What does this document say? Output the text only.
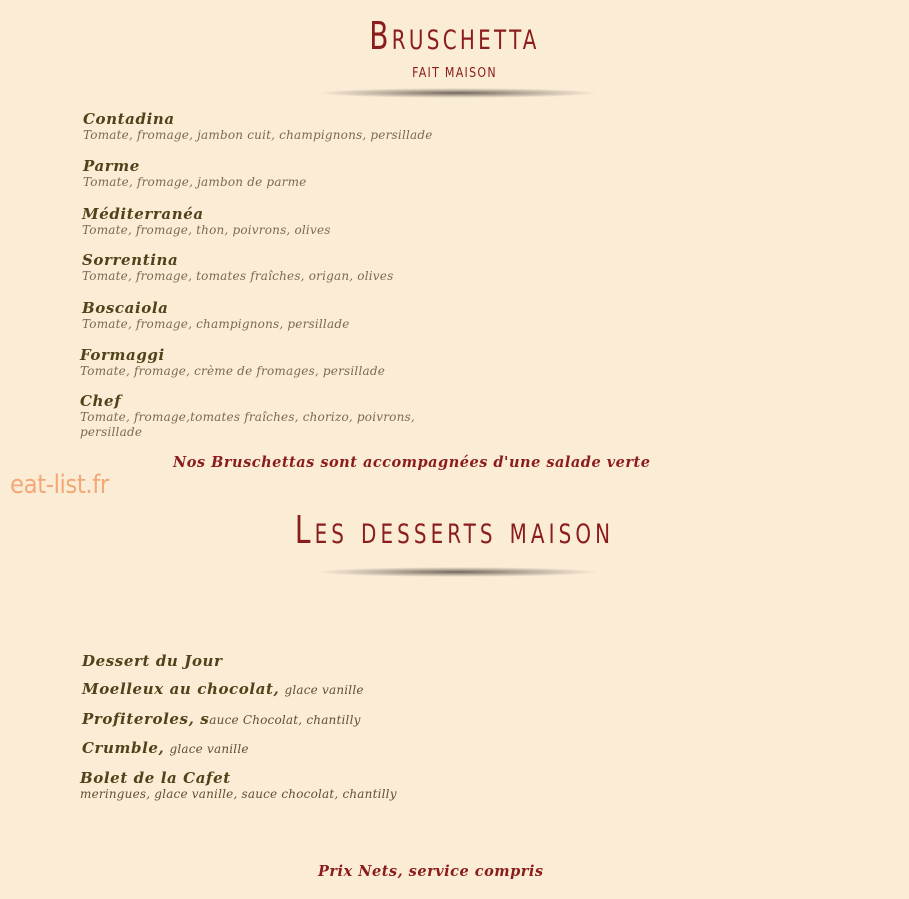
Bruschetta
FAIT MAISON
Contadina
Tomate, fromage, jambon cuit, champignons, persillade
Parme
Tomate, fromage, jambon de parme
Méditerranéa
Tomate, fromage, thon, poivrons, olives
Sorrentina
Tomate, fromage, tomates fraîches, origan, olives
Boscaiola
Tomate, fromage, champignons, persillade
Formaggi
Tomate, fromage, crème de fromages, persillade
Chef
Tomate, fromage,tomates fraîches, chorizo, poivrons,
persillade
Nos Bruschettas sont accompagnées d'une salade verte
eat-list.fr
Les desserts maison
Dessert du Jour
Moelleux au chocolat, glace vanille
Profiteroles, sauce Chocolat, chantilly
Crumble, glace vanille
Bolet de la Cafet
meringues, glace vanille, sauce chocolat, chantilly
Prix Nets, service compris
